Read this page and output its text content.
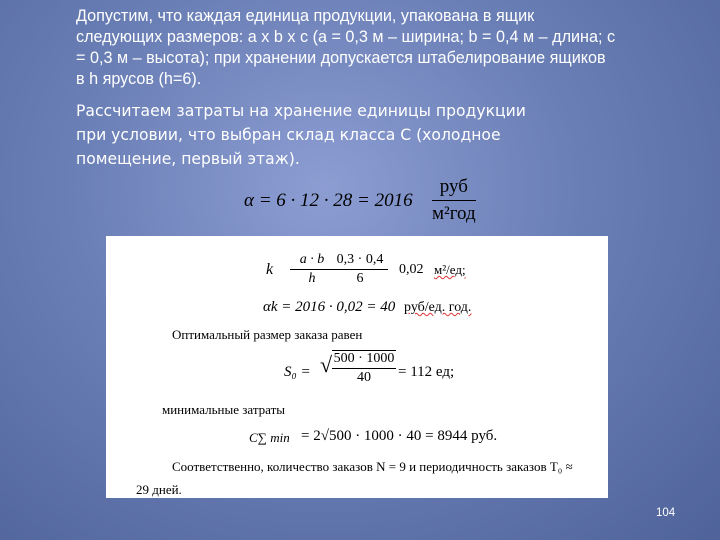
Допустим, что каждая единица продукции, упакована в ящик
следующих размеров: a x b x c (a = 0,3 м – ширина; b = 0,4 м – длина; c
= 0,3 м – высота); при хранении допускается штабелирование ящиков
в h ярусов (h=6).
Рассчитаем затраты на хранение единицы продукции
при условии, что выбран склад класса С (холодное
помещение, первый этаж).
α = 6 · 12 · 28 = 2016
руб
м²год
k
a · b
h
0,3 · 0,4
6
0,02 м²/ед;
αk = 2016 · 0,02 = 40 руб/ед. год.
Оптимальный размер заказа равен
S₀ = √ 500 · 1000
40	= 112 ед;
минимальные затраты
C∑ min = 2√500 · 1000 · 40 = 8944 руб.
Соответственно, количество заказов N = 9 и периодичность заказов T₀ ≈
29 дней.
104
